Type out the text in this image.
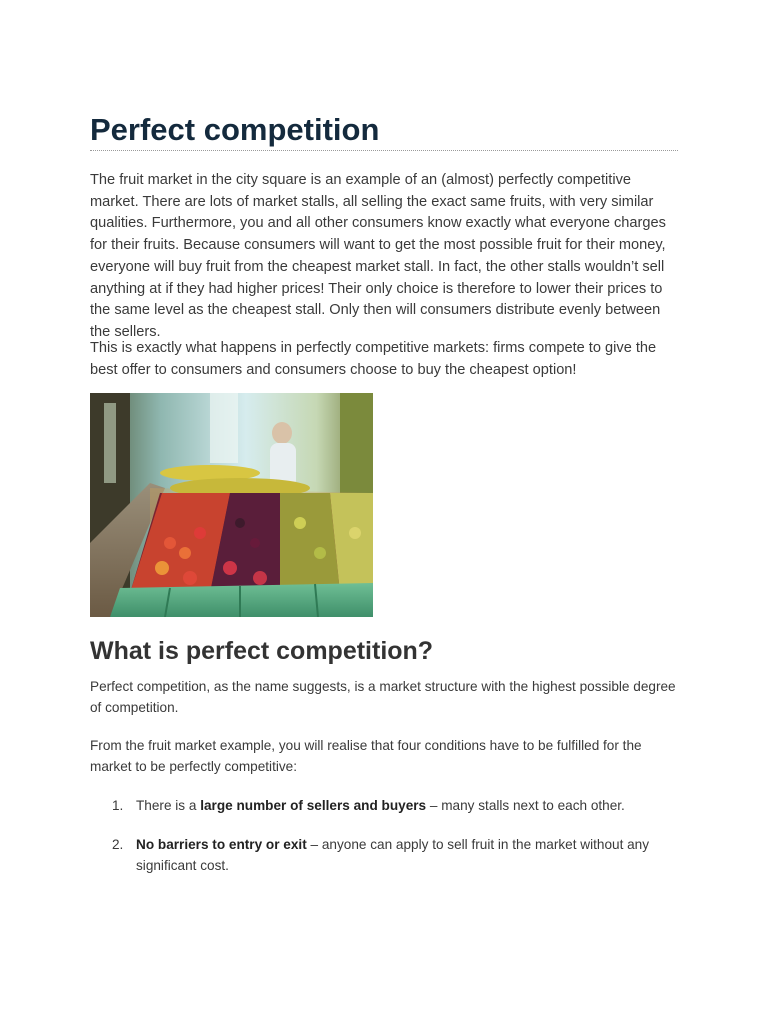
Perfect competition

The fruit market in the city square is an example of an (almost) perfectly competitive market. There are lots of market stalls, all selling the exact same fruits, with very similar qualities. Furthermore, you and all other consumers know exactly what everyone charges for their fruits. Because consumers will want to get the most possible fruit for their money, everyone will buy fruit from the cheapest market stall. In fact, the other stalls wouldn’t sell anything at if they had higher prices! Their only choice is therefore to lower their prices to the same level as the cheapest stall. Only then will consumers distribute evenly between the sellers.

This is exactly what happens in perfectly competitive markets: firms compete to give the best offer to consumers and consumers choose to buy the cheapest option!

What is perfect competition?

Perfect competition, as the name suggests, is a market structure with the highest possible degree of competition.

From the fruit market example, you will realise that four conditions have to be fulfilled for the market to be perfectly competitive:

1. There is a large number of sellers and buyers – many stalls next to each other.
2. No barriers to entry or exit – anyone can apply to sell fruit in the market without any significant cost.
